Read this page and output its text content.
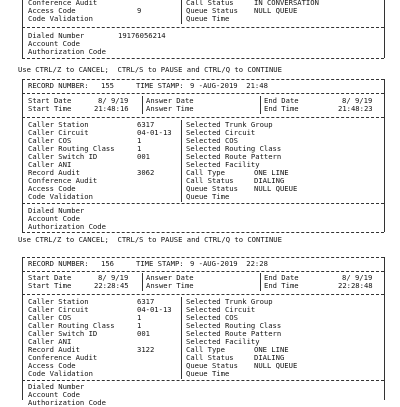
Conference Audit	Call Status	IN CONVERSATION
Access Code	9	Queue Status NULL QUEUE
Code Validation	Queue Time
Dialed Number	19176056214
Account Code
Authorization Code
Use CTRL/Z to CANCEL;  CTRL/S to PAUSE and CTRL/Q to CONTINUE
RECORD NUMBER: 155	TIME STAMP: 9 -AUG-2019  21:48
Start Date	8/ 9/19 Answer Date	End Date	8/ 9/19
Start Time	21:48:16 Answer Time	End Time	21:48:23
Caller Station	6317	Selected Trunk Group
Caller Circuit	04-01-13 Selected Circuit
Caller COS	1	Selected COS
Caller Routing Class	1	Selected Routing Class
Caller Switch ID	001	Selected Route Pattern
Caller ANI	Selected Facility
Record Audit	3062	Call Type	ONE LINE
Conference Audit	Call Status	DIALING
Access Code	Queue Status NULL QUEUE
Code Validation	Queue Time
Dialed Number
Account Code
Authorization Code
Use CTRL/Z to CANCEL;  CTRL/S to PAUSE and CTRL/Q to CONTINUE
RECORD NUMBER: 156	TIME STAMP: 9 -AUG-2019  22:28
Start Date	8/ 9/19 Answer Date	End Date	8/ 9/19
Start Time	22:28:45 Answer Time	End Time	22:28:48
Caller Station	6317	Selected Trunk Group
Caller Circuit	04-01-13 Selected Circuit
Caller COS	1	Selected COS
Caller Routing Class	1	Selected Routing Class
Caller Switch ID	001	Selected Route Pattern
Caller ANI	Selected Facility
Record Audit	3122	Call Type	ONE LINE
Conference Audit	Call Status	DIALING
Access Code	Queue Status NULL QUEUE
Code Validation	Queue Time
Dialed Number
Account Code
Authorization Code
